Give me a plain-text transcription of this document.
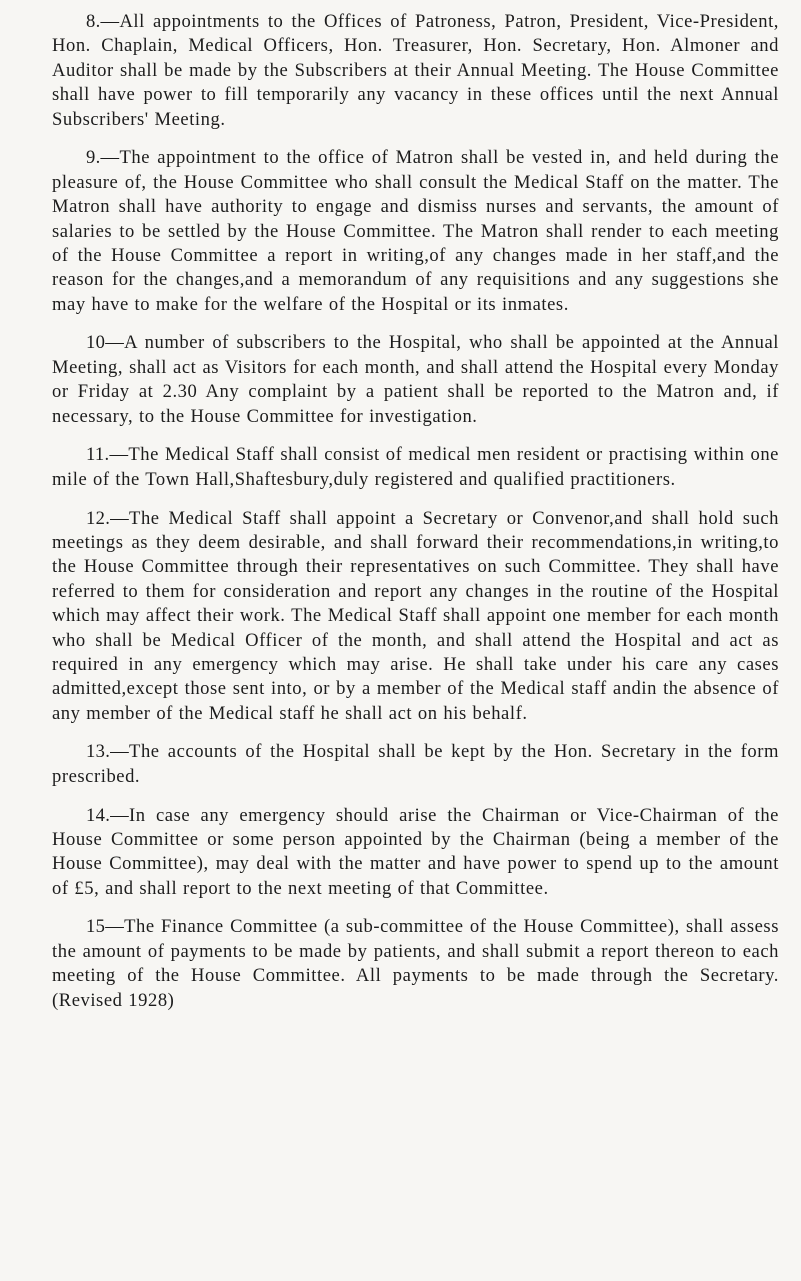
8.—All appointments to the Offices of Patroness, Patron, President, Vice-President, Hon. Chaplain, Medical Officers, Hon. Treasurer, Hon. Secretary, Hon. Almoner and Auditor shall be made by the Subscribers at their Annual Meeting. The House Committee shall have power to fill temporarily any vacancy in these offices until the next Annual Subscribers' Meeting.

9.—The appointment to the office of Matron shall be vested in, and held during the pleasure of, the House Committee who shall consult the Medical Staff on the matter. The Matron shall have authority to engage and dismiss nurses and servants, the amount of salaries to be settled by the House Committee. The Matron shall render to each meeting of the House Committee a report in writing,of any changes made in her staff,and the reason for the changes,and a memorandum of any requisitions and any suggestions she may have to make for the welfare of the Hospital or its inmates.

10—A number of subscribers to the Hospital, who shall be appointed at the Annual Meeting, shall act as Visitors for each month, and shall attend the Hospital every Monday or Friday at 2.30 Any complaint by a patient shall be reported to the Matron and, if necessary, to the House Committee for investigation.

11.—The Medical Staff shall consist of medical men resident or practising within one mile of the Town Hall,Shaftesbury,duly registered and qualified practitioners.

12.—The Medical Staff shall appoint a Secretary or Convenor,and shall hold such meetings as they deem desirable, and shall forward their recommendations,in writing,to the House Committee through their representatives on such Committee. They shall have referred to them for consideration and report any changes in the routine of the Hospital which may affect their work. The Medical Staff shall appoint one member for each month who shall be Medical Officer of the month, and shall attend the Hospital and act as required in any emergency which may arise. He shall take under his care any cases admitted,except those sent into, or by a member of the Medical staff andin the absence of any member of the Medical staff he shall act on his behalf.

13.—The accounts of the Hospital shall be kept by the Hon. Secretary in the form prescribed.

14.—In case any emergency should arise the Chairman or Vice-Chairman of the House Committee or some person appointed by the Chairman (being a member of the House Committee), may deal with the matter and have power to spend up to the amount of £5, and shall report to the next meeting of that Committee.

15—The Finance Committee (a sub-committee of the House Committee), shall assess the amount of payments to be made by patients, and shall submit a report thereon to each meeting of the House Committee. All payments to be made through the Secretary. (Revised 1928)
